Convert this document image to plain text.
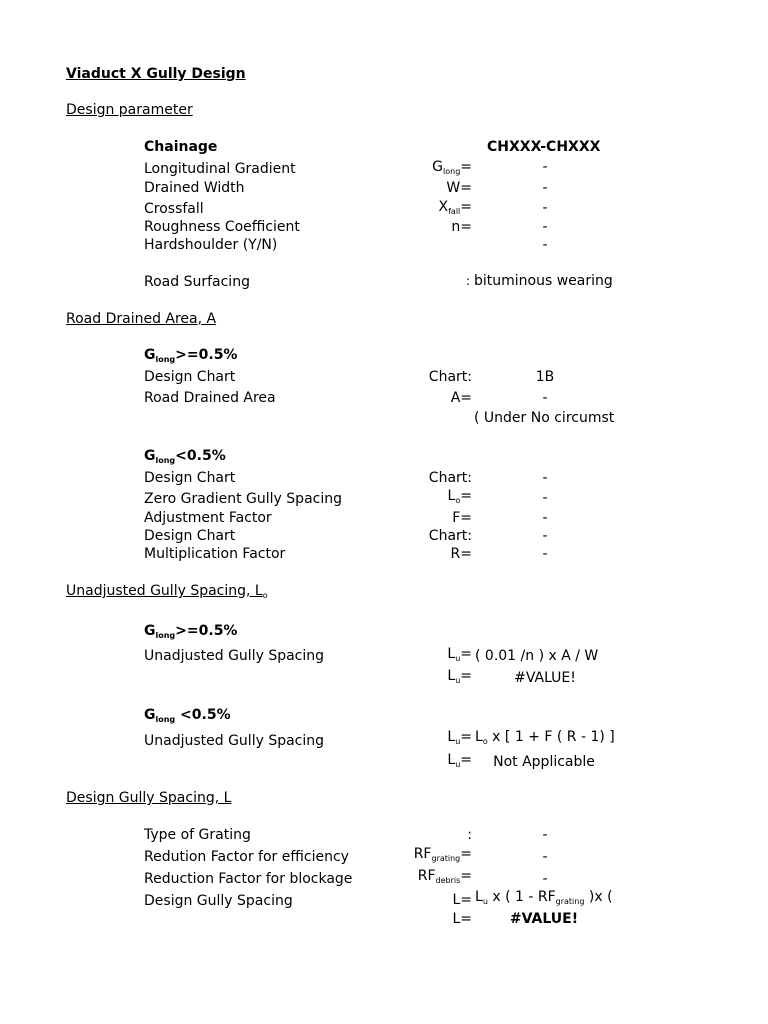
Viaduct X Gully Design
Design parameter
Chainage	CHXXX-CHXXX
Longitudinal Gradient	$G_{long}=$	-
Drained Width	W=	-
Crossfall	$X_{fall}=$	-
Roughness Coefficient	n=	-
Hardshoulder (Y/N)	-
Road Surfacing	: bituminous wearing
Road Drained Area, A
$G_{long}>=0.5\%$
Design Chart	Chart:	1B
Road Drained Area	A=	-
( Under No circumst
$G_{long}<0.5\%$
Design Chart	Chart:	-
Zero Gradient Gully Spacing	$L_o=$	-
Adjustment Factor	F=	-
Design Chart	Chart:	-
Multiplication Factor	R=	-
Unadjusted Gully Spacing, $L_o$
$G_{long}>=0.5\%$
Unadjusted Gully Spacing	$L_u=$ ( 0.01 /n ) x A / W
$L_u=$	#VALUE!
$G_{long} <0.5\%$
Unadjusted Gully Spacing	$L_u= L_o$ x [ 1 + F ( R - 1) ]
$L_u=$	Not Applicable
Design Gully Spacing, L
Type of Grating	:	-
Redution Factor for efficiency	$RF_{grating}=$	-
Reduction Factor for blockage	$RF_{debris}=$	-
Design Gully Spacing	$L= L_u$ x ( $1 - RF_{grating}$ )x (
L=	#VALUE!
